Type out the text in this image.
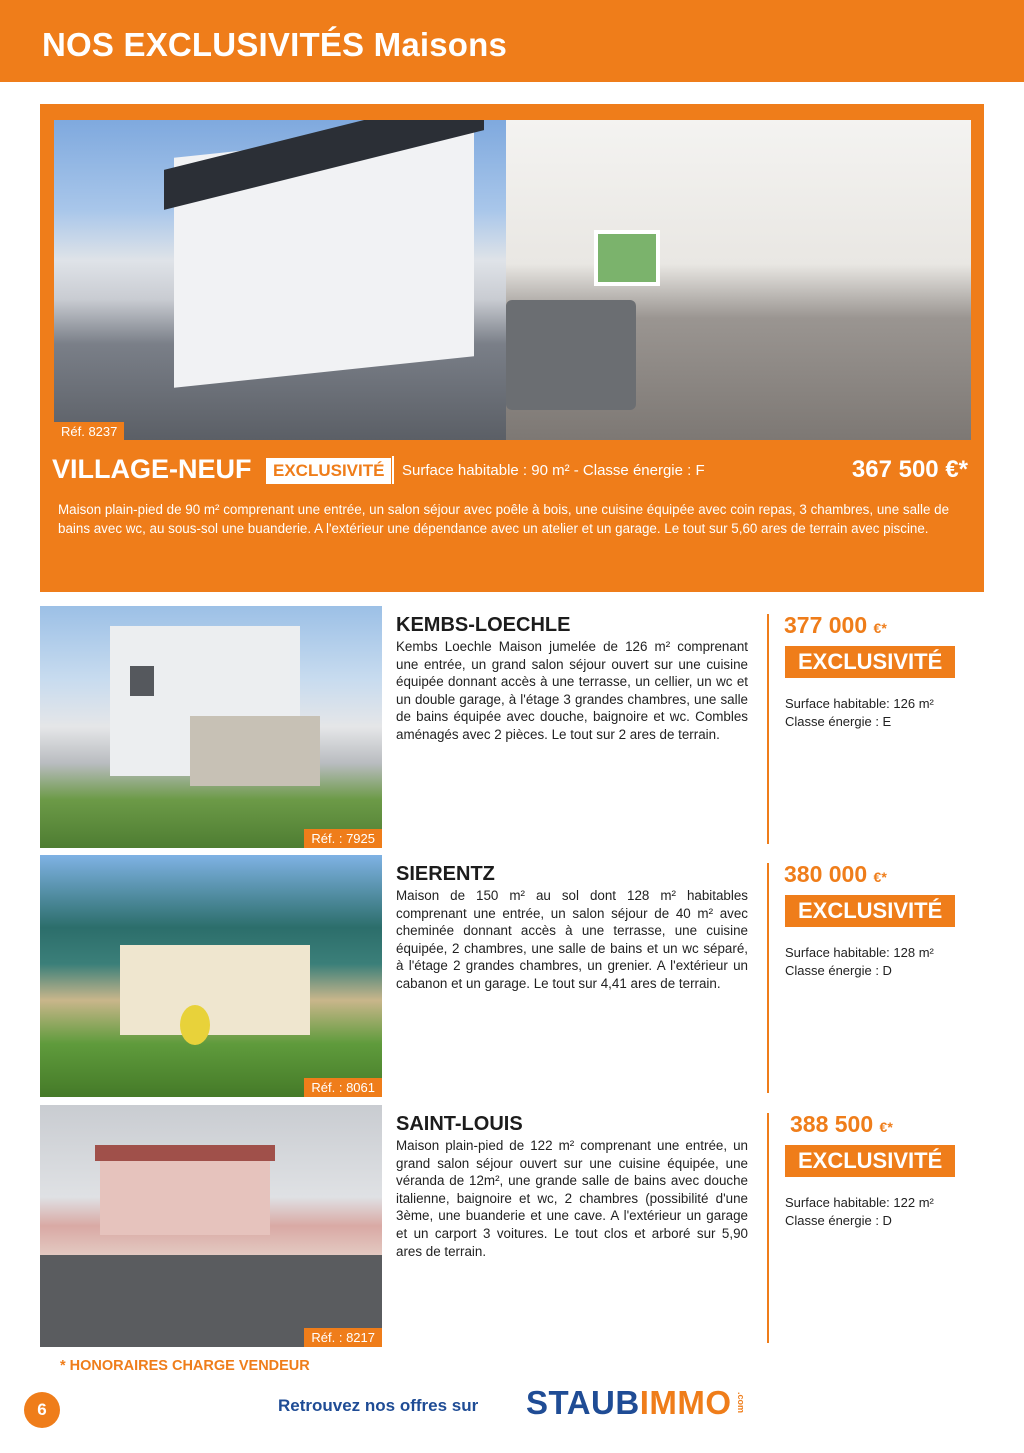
NOS EXCLUSIVITÉS Maisons
Réf. 8237
VILLAGE-NEUF	EXCLUSIVITÉ	Surface habitable : 90 m² - Classe énergie : F	367 500 €*

Maison plain-pied de 90 m² comprenant une entrée, un salon séjour avec poêle à bois, une cuisine équipée avec coin repas, 3 chambres, une salle de bains avec wc, au sous-sol une buanderie. A l'extérieur une dépendance avec un atelier et un garage. Le tout sur 5,60 ares de terrain avec piscine.

Réf. : 7925
KEMBS-LOECHLE

Kembs Loechle Maison jumelée de 126 m² comprenant une entrée, un grand salon séjour ouvert sur une cuisine équipée donnant accès à une terrasse, un cellier, un wc et un double garage, à l'étage 3 grandes chambres, une salle de bains équipée avec douche, baignoire et wc. Combles aménagés avec 2 pièces. Le tout sur 2 ares de terrain.

377 000 €*
EXCLUSIVITÉ
Surface habitable: 126 m²
Classe énergie : E
Réf. : 8061
SIERENTZ

Maison de 150 m² au sol dont 128 m² habitables comprenant une entrée, un salon séjour de 40 m² avec cheminée donnant accès à une terrasse, une cuisine équipée, 2 chambres, une salle de bains et un wc séparé, à l'étage 2 grandes chambres, un grenier. A l'extérieur un cabanon et un garage. Le tout sur 4,41 ares de terrain.

380 000 €*
EXCLUSIVITÉ
Surface habitable: 128 m²
Classe énergie : D
Réf. : 8217
SAINT-LOUIS

Maison plain-pied de 122 m² comprenant une entrée, un grand salon séjour ouvert sur une cuisine équipée, une véranda de 12m², une grande salle de bains avec douche italienne, baignoire et wc, 2 chambres (possibilité d'une 3ème, une buanderie et une cave. A l'extérieur un garage et un carport 3 voitures. Le tout clos et arboré sur 5,90 ares de terrain.

388 500 €*
EXCLUSIVITÉ
Surface habitable: 122 m²
Classe énergie : D
* HONORAIRES CHARGE VENDEUR
6	Retrouvez nos offres sur STAUBIMMO .com
